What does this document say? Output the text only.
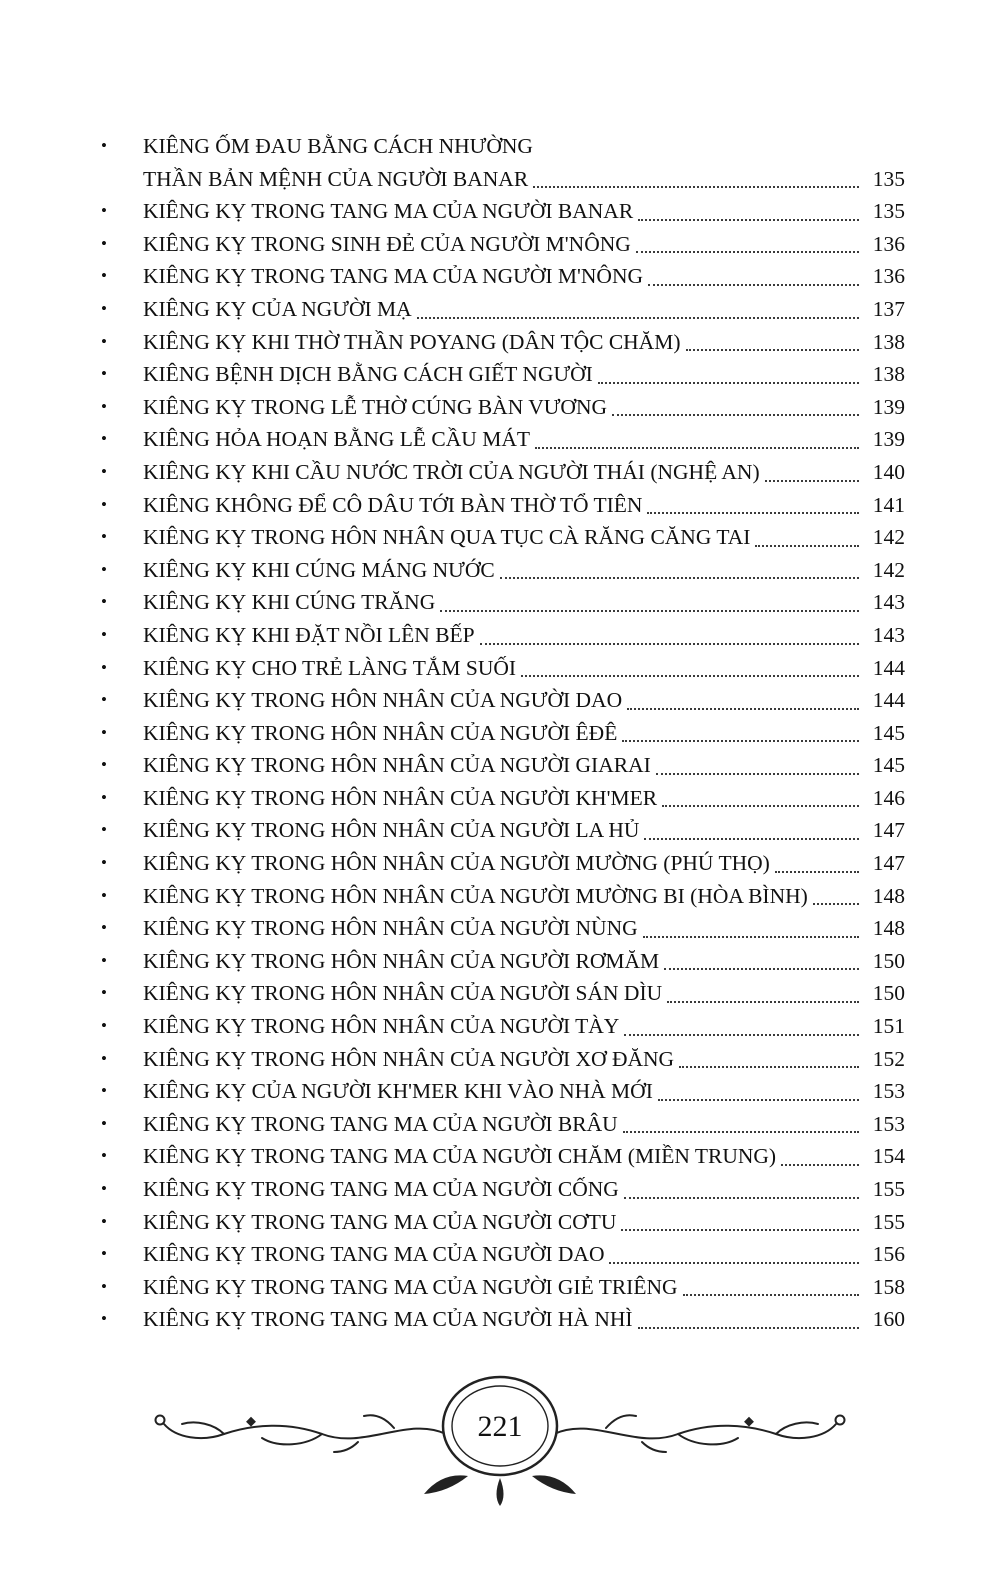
•	KIÊNG ỐM ĐAU BẰNG CÁCH NHƯỜNG
THẦN BẢN MỆNH CỦA NGƯỜI BANAR	135
•	KIÊNG KỴ TRONG TANG MA CỦA NGƯỜI BANAR	135
•	KIÊNG KỴ TRONG SINH ĐẺ CỦA NGƯỜI M'NÔNG	136
•	KIÊNG KỴ TRONG TANG MA CỦA NGƯỜI M'NÔNG	136
•	KIÊNG KỴ CỦA NGƯỜI MẠ	137
•	KIÊNG KỴ KHI THỜ THẦN POYANG (DÂN TỘC CHĂM)	138
•	KIÊNG BỆNH DỊCH BẰNG CÁCH GIẾT NGƯỜI	138
•	KIÊNG KỴ TRONG LỄ THỜ CÚNG BÀN VƯƠNG	139
•	KIÊNG HỎA HOẠN BẰNG LỄ CẦU MÁT	139
•	KIÊNG KỴ KHI CẦU NƯỚC TRỜI CỦA NGƯỜI THÁI (NGHỆ AN)	140
•	KIÊNG KHÔNG ĐỂ CÔ DÂU TỚI BÀN THỜ TỔ TIÊN	141
•	KIÊNG KỴ TRONG HÔN NHÂN QUA TỤC CÀ RĂNG CĂNG TAI	142
•	KIÊNG KỴ KHI CÚNG MÁNG NƯỚC	142
•	KIÊNG KỴ KHI CÚNG TRĂNG	143
•	KIÊNG KỴ KHI ĐẶT NỒI LÊN BẾP	143
•	KIÊNG KỴ CHO TRẺ LÀNG TẮM SUỐI	144
•	KIÊNG KỴ TRONG HÔN NHÂN CỦA NGƯỜI DAO	144
•	KIÊNG KỴ TRONG HÔN NHÂN CỦA NGƯỜI ÊĐÊ	145
•	KIÊNG KỴ TRONG HÔN NHÂN CỦA NGƯỜI GIARAI	145
•	KIÊNG KỴ TRONG HÔN NHÂN CỦA NGƯỜI KH'MER	146
•	KIÊNG KỴ TRONG HÔN NHÂN CỦA NGƯỜI LA HỦ	147
•	KIÊNG KỴ TRONG HÔN NHÂN CỦA NGƯỜI MƯỜNG (PHÚ THỌ)	147
•	KIÊNG KỴ TRONG HÔN NHÂN CỦA NGƯỜI MƯỜNG BI (HÒA BÌNH)	148
•	KIÊNG KỴ TRONG HÔN NHÂN CỦA NGƯỜI NÙNG	148
•	KIÊNG KỴ TRONG HÔN NHÂN CỦA NGƯỜI RƠMĂM	150
•	KIÊNG KỴ TRONG HÔN NHÂN CỦA NGƯỜI SÁN DÌU	150
•	KIÊNG KỴ TRONG HÔN NHÂN CỦA NGƯỜI TÀY	151
•	KIÊNG KỴ TRONG HÔN NHÂN CỦA NGƯỜI XƠ ĐĂNG	152
•	KIÊNG KỴ CỦA NGƯỜI KH'MER KHI VÀO NHÀ MỚI	153
•	KIÊNG KỴ TRONG TANG MA CỦA NGƯỜI BRÂU	153
•	KIÊNG KỴ TRONG TANG MA CỦA NGƯỜI CHĂM (MIỀN TRUNG)	154
•	KIÊNG KỴ TRONG TANG MA CỦA NGƯỜI CỐNG	155
•	KIÊNG KỴ TRONG TANG MA CỦA NGƯỜI CƠTU	155
•	KIÊNG KỴ TRONG TANG MA CỦA NGƯỜI DAO	156
•	KIÊNG KỴ TRONG TANG MA CỦA NGƯỜI GIẺ TRIÊNG	158
•	KIÊNG KỴ TRONG TANG MA CỦA NGƯỜI HÀ NHÌ	160
221
